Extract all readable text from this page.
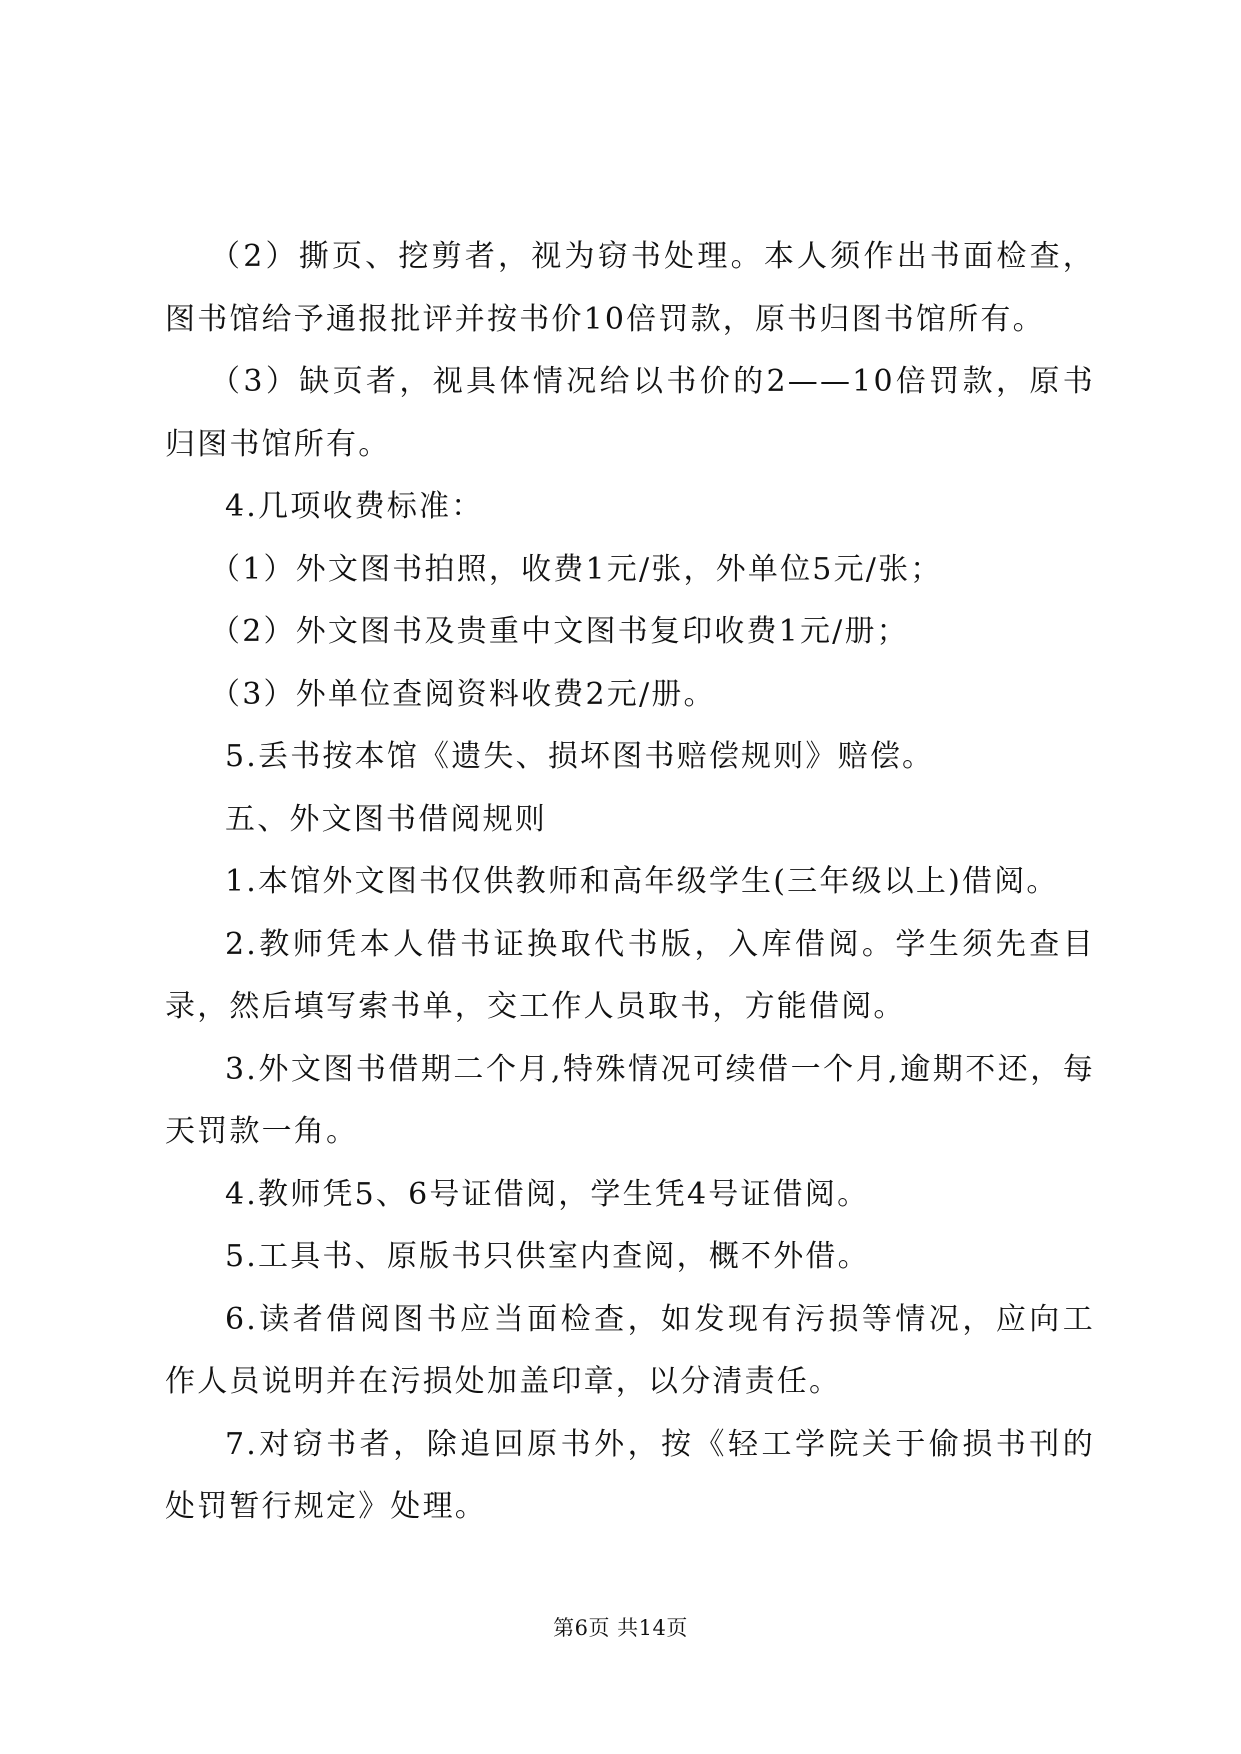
（2）撕页、挖剪者，视为窃书处理。本人须作出书面检查，图书馆给予通报批评并按书价10倍罚款，原书归图书馆所有。

（3）缺页者，视具体情况给以书价的2——10倍罚款，原书归图书馆所有。

4.几项收费标准：

（1）外文图书拍照，收费1元/张，外单位5元/张；

（2）外文图书及贵重中文图书复印收费1元/册；

（3）外单位查阅资料收费2元/册。

5.丢书按本馆《遗失、损坏图书赔偿规则》赔偿。

五、外文图书借阅规则

1.本馆外文图书仅供教师和高年级学生(三年级以上)借阅。

2.教师凭本人借书证换取代书版，入库借阅。学生须先查目录，然后填写索书单，交工作人员取书，方能借阅。

3.外文图书借期二个月,特殊情况可续借一个月,逾期不还，每天罚款一角。

4.教师凭5、6号证借阅，学生凭4号证借阅。

5.工具书、原版书只供室内查阅，概不外借。

6.读者借阅图书应当面检查，如发现有污损等情况，应向工作人员说明并在污损处加盖印章，以分清责任。

7.对窃书者，除追回原书外，按《轻工学院关于偷损书刊的处罚暂行规定》处理。

第6页 共14页
